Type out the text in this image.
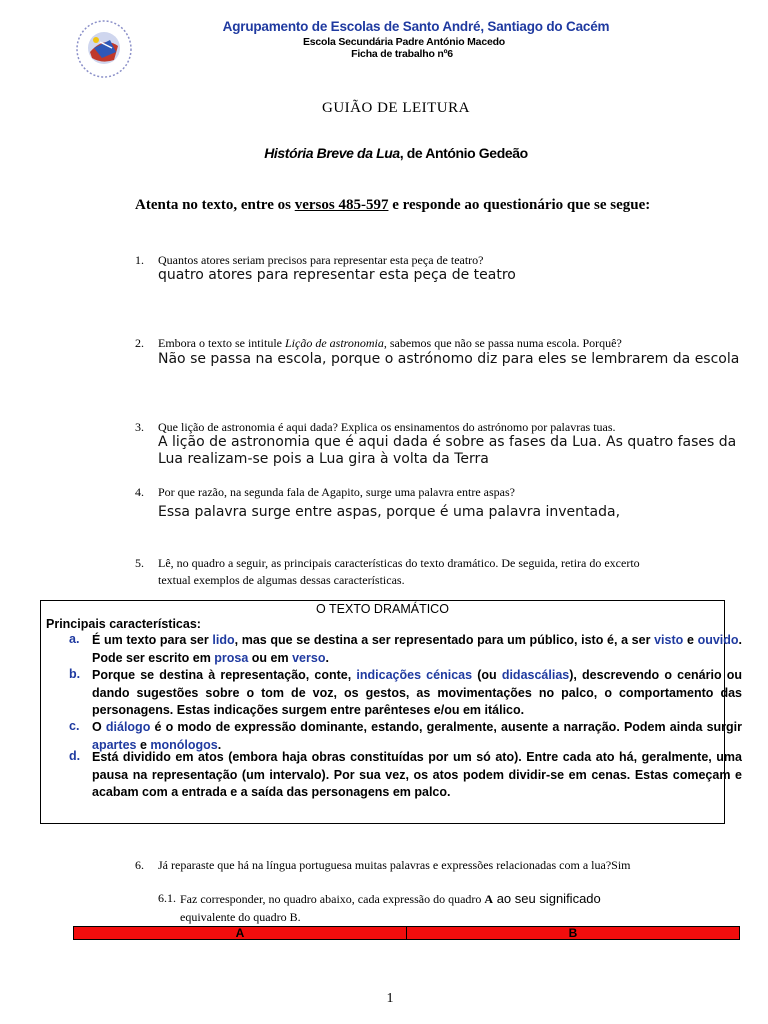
Agrupamento de Escolas de Santo André, Santiago do Cacém
Escola Secundária Padre António Macedo
Ficha de trabalho nº6
GUIÃO DE LEITURA
História Breve da Lua, de António Gedeão
Atenta no texto, entre os versos 485-597 e responde ao questionário que se segue:
1. Quantos atores seriam precisos para representar esta peça de teatro?
quatro atores para representar esta peça de teatro
2. Embora o texto se intitule Lição de astronomia, sabemos que não se passa numa escola. Porquê?
Não se passa na escola, porque o astrónomo diz para eles se lembrarem da escola
3. Que lição de astronomia é aqui dada? Explica os ensinamentos do astrónomo por palavras tuas.
A lição de astronomia que é aqui dada é sobre as fases da Lua. As quatro fases da
Lua realizam-se pois a Lua gira à volta da Terra
4. Por que razão, na segunda fala de Agapito, surge uma palavra entre aspas?
Essa palavra surge entre aspas, porque é uma palavra inventada,
5. Lê, no quadro a seguir, as principais características do texto dramático. De seguida, retira do excerto
textual exemplos de algumas dessas características.
O TEXTO DRAMÁTICO
Principais características:
a. É um texto para ser lido, mas que se destina a ser representado para um público, isto é, a ser visto e ouvido. Pode ser escrito em prosa ou em verso.
b. Porque se destina à representação, conte, indicações cénicas (ou didascálias), descrevendo o cenário ou dando sugestões sobre o tom de voz, os gestos, as movimentações no palco, o comportamento das personagens. Estas indicações surgem entre parênteses e/ou em itálico.
c. O diálogo é o modo de expressão dominante, estando, geralmente, ausente a narração. Podem ainda surgir apartes e monólogos.
d. Está dividido em atos (embora haja obras constituídas por um só ato). Entre cada ato há, geralmente, uma pausa na representação (um intervalo). Por sua vez, os atos podem dividir-se em cenas. Estas começam e acabam com a entrada e a saída das personagens em palco.
6. Já reparaste que há na língua portuguesa muitas palavras e expressões relacionadas com a lua?Sim
6.1. Faz corresponder, no quadro abaixo, cada expressão do quadro A ao seu significado
equivalente do quadro B.
A	B
1
